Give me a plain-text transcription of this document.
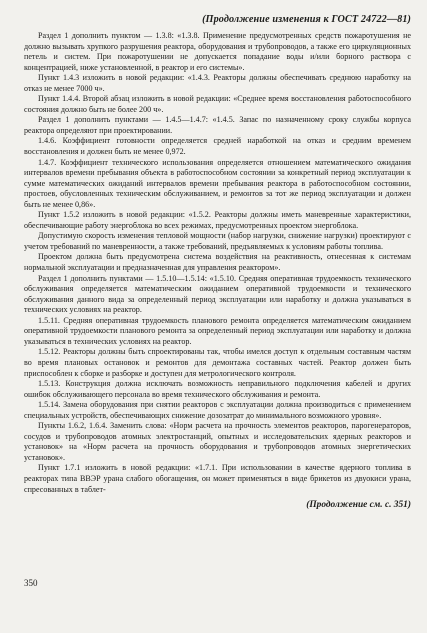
(Продолжение изменения к ГОСТ 24722—81)

Раздел 1 дополнить пунктом — 1.3.8: «1.3.8. Применение предусмотренных средств пожаротушения не должно вызывать хрупкого разрушения реактора, оборудования и трубопроводов, а также его циркуляционных петель и систем. При пожаротушении не допускается попадание воды и/или борного раствора с концентрацией, ниже установленной, в реактор и его системы».

Пункт 1.4.3 изложить в новой редакции: «1.4.3. Реакторы должны обеспечивать среднюю наработку на отказ не менее 7000 ч».

Пункт 1.4.4. Второй абзац изложить в новой редакции: «Среднее время восстановления работоспособного состояния должно быть не более 200 ч».

Раздел 1 дополнить пунктами — 1.4.5—1.4.7: «1.4.5. Запас по назначенному сроку службы корпуса реактора определяют при проектировании.

1.4.6. Коэффициент готовности определяется средней наработкой на отказ и средним временем восстановления и должен быть не менее 0,972.

1.4.7. Коэффициент технического использования определяется отношением математического ожидания интервалов времени пребывания объекта в работоспособном состоянии за конкретный период эксплуатации к сумме математических ожиданий интервалов времени пребывания реактора в работоспособном состоянии, простоев, обусловленных техническим обслуживанием, и ремонтов за тот же период эксплуатации и должен быть не менее 0,86».

Пункт 1.5.2 изложить в новой редакции: «1.5.2. Реакторы должны иметь маневренные характеристики, обеспечивающие работу энергоблока во всех режимах, предусмотренных проектом энергоблока.

Допустимую скорость изменения тепловой мощности (набор нагрузки, снижение нагрузки) проектируют с учетом требований по маневренности, а также требований, предъявляемых к условиям работы топлива.

Проектом должна быть предусмотрена система воздействия на реактивность, отнесенная к системам нормальной эксплуатации и предназначенная для управления реактором».

Раздел 1 дополнить пунктами — 1.5.10—1.5.14: «1.5.10. Средняя оперативная трудоемкость технического обслуживания определяется математическим ожиданием оперативной трудоемкости и технического обслуживания данного вида за определенный период эксплуатации или наработку и должна указываться в технических условиях на реактор.

1.5.11. Средняя оперативная трудоемкость планового ремонта определяется математическим ожиданием оперативной трудоемкости планового ремонта за определенный период эксплуатации или наработку и должна указываться в технических условиях на реактор.

1.5.12. Реакторы должны быть спроектированы так, чтобы имелся доступ к отдельным составным частям во время плановых остановок и ремонтов для демонтажа составных частей. Реактор должен быть приспособлен к сборке и разборке и доступен для метрологического контроля.

1.5.13. Конструкция должна исключать возможность неправильного подключения кабелей и других ошибок обслуживающего персонала во время технического обслуживания и ремонта.

1.5.14. Замена оборудования при снятии реакторов с эксплуатации должна производиться с применением специальных устройств, обеспечивающих снижение дозозатрат до минимального возможного уровня».

Пункты 1.6.2, 1.6.4. Заменить слова: «Норм расчета на прочность элементов реакторов, парогенераторов, сосудов и трубопроводов атомных электростанций, опытных и исследовательских ядерных реакторов и установок» на «Норм расчета на прочность оборудования и трубопроводов атомных энергетических установок».

Пункт 1.7.1 изложить в новой редакции: «1.7.1. При использовании в качестве ядерного топлива в реакторах типа ВВЭР урана слабого обогащения, он может применяться в виде брикетов из двуокиси урана, спресованных в таблет-

(Продолжение см. с. 351)
350
